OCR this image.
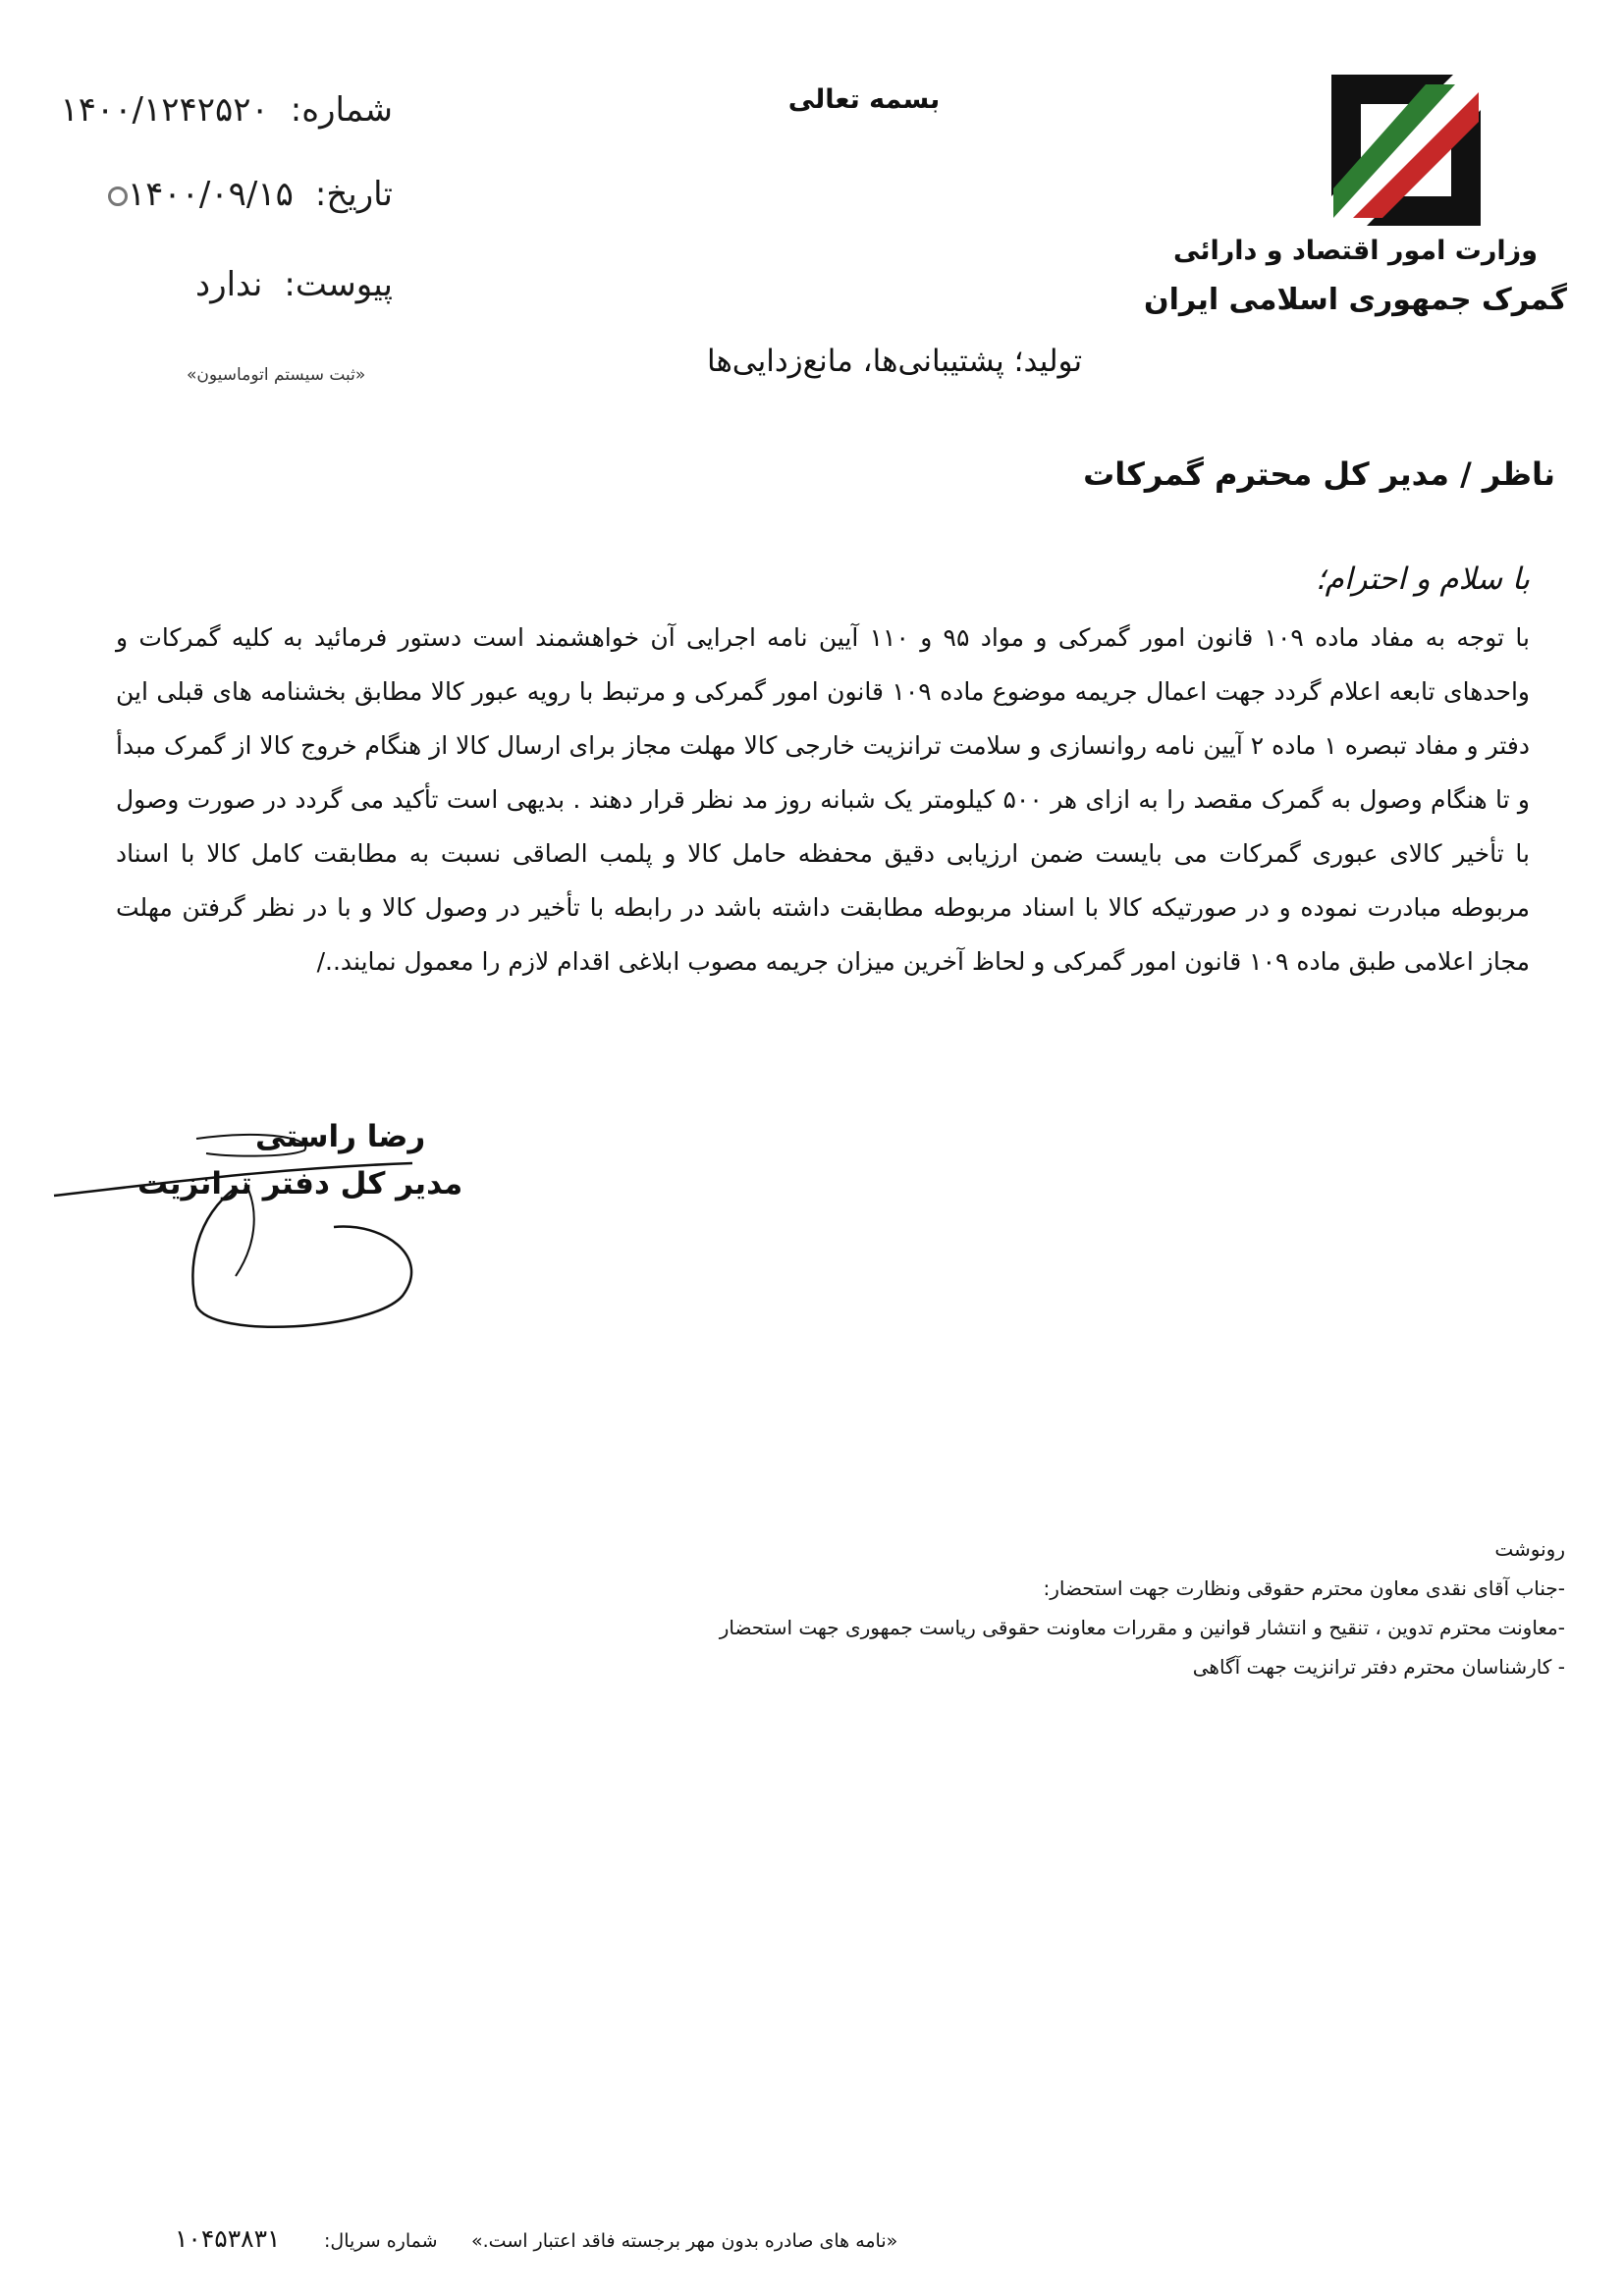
بسمه تعالی
وزارت امور اقتصاد و دارائی
گمرک جمهوری اسلامی ایران
شماره:
۱۴۰۰/۱۲۴۲۵۲۰
تاریخ:
۱۴۰۰/۰۹/۱۵
پیوست:
ندارد
«ثبت سیستم اتوماسیون»	تولید؛ پشتیبانی‌ها، مانع‌زدایی‌ها
ناظر / مدیر کل محترم گمرکات
با سلام و احترام؛
با توجه به مفاد ماده ۱۰۹ قانون امور گمرکی و مواد ۹۵ و ۱۱۰ آیین نامه اجرایی آن خواهشمند است دستور فرمائید به کلیه گمرکات و واحدهای تابعه اعلام گردد جهت اعمال جریمه موضوع ماده ۱۰۹ قانون امور گمرکی و مرتبط با رویه عبور کالا مطابق بخشنامه های قبلی این دفتر و مفاد تبصره ۱ ماده ۲ آیین نامه روانسازی و سلامت ترانزیت خارجی کالا مهلت مجاز برای ارسال کالا از هنگام خروج کالا از گمرک مبدأ و تا هنگام وصول به گمرک مقصد را به ازای هر ۵۰۰ کیلومتر یک شبانه روز مد نظر قرار دهند . بدیهی است تأکید می گردد در صورت وصول با تأخیر کالای عبوری گمرکات می بایست ضمن ارزیابی دقیق محفظه حامل کالا و پلمب الصاقی نسبت به مطابقت کامل کالا با اسناد مربوطه مبادرت نموده و در صورتیکه کالا با اسناد مربوطه مطابقت داشته باشد در رابطه با تأخیر در وصول کالا و با در نظر گرفتن مهلت مجاز اعلامی طبق ماده ۱۰۹ قانون امور گمرکی و لحاظ آخرین میزان جریمه مصوب ابلاغی اقدام لازم را معمول نمایند../
رضا راستی
مدیر کل دفتر ترانزیت
رونوشت
-جناب آقای نقدی معاون محترم حقوقی ونظارت جهت استحضار:
-معاونت محترم تدوین ، تنقیح و انتشار قوانین و مقررات معاونت حقوقی ریاست جمهوری جهت استحضار
- کارشناسان محترم دفتر ترانزیت جهت آگاهی
«نامه های صادره بدون مهر برجسته فاقد اعتبار است.»
شماره سریال:
۱۰۴۵۳۸۳۱
